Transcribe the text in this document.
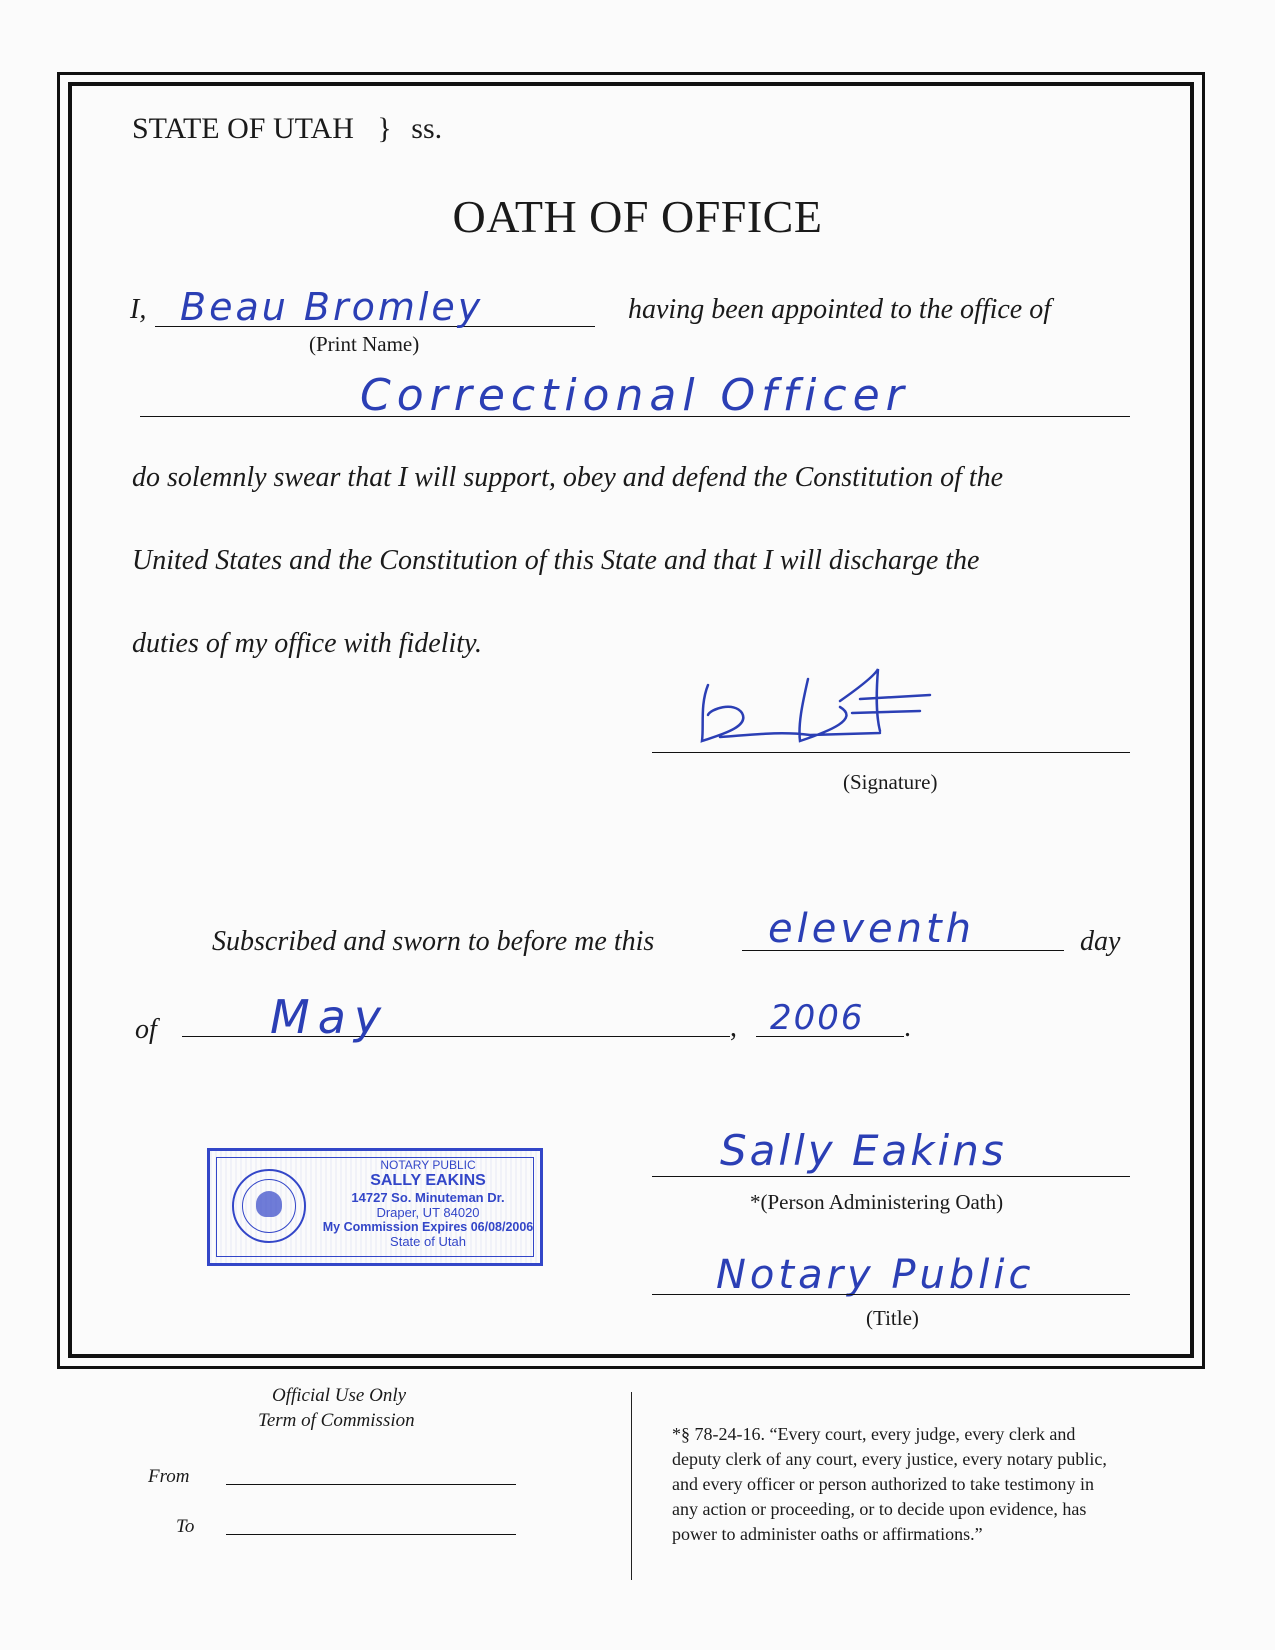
STATE OF UTAH } ss.
OATH OF OFFICE
I, Beau Bromley
(Print Name)
having been appointed to the office of
Correctional Officer
do solemnly swear that I will support, obey and defend the Constitution of the
United States and the Constitution of this State and that I will discharge the
duties of my office with fidelity.
(Signature)
Subscribed and sworn to before me this	eleventh	day
of May	, 2006 .
NOTARY PUBLIC
SALLY EAKINS
14727 So. Minuteman Dr.
Draper, UT 84020
My Commission Expires 06/08/2006
State of Utah
Sally Eakins
*(Person Administering Oath)
Notary Public
(Title)
Official Use Only
Term of Commission
From
To
*§ 78-24-16. “Every court, every judge, every clerk and
deputy clerk of any court, every justice, every notary public,
and every officer or person authorized to take testimony in
any action or proceeding, or to decide upon evidence, has
power to administer oaths or affirmations.”
